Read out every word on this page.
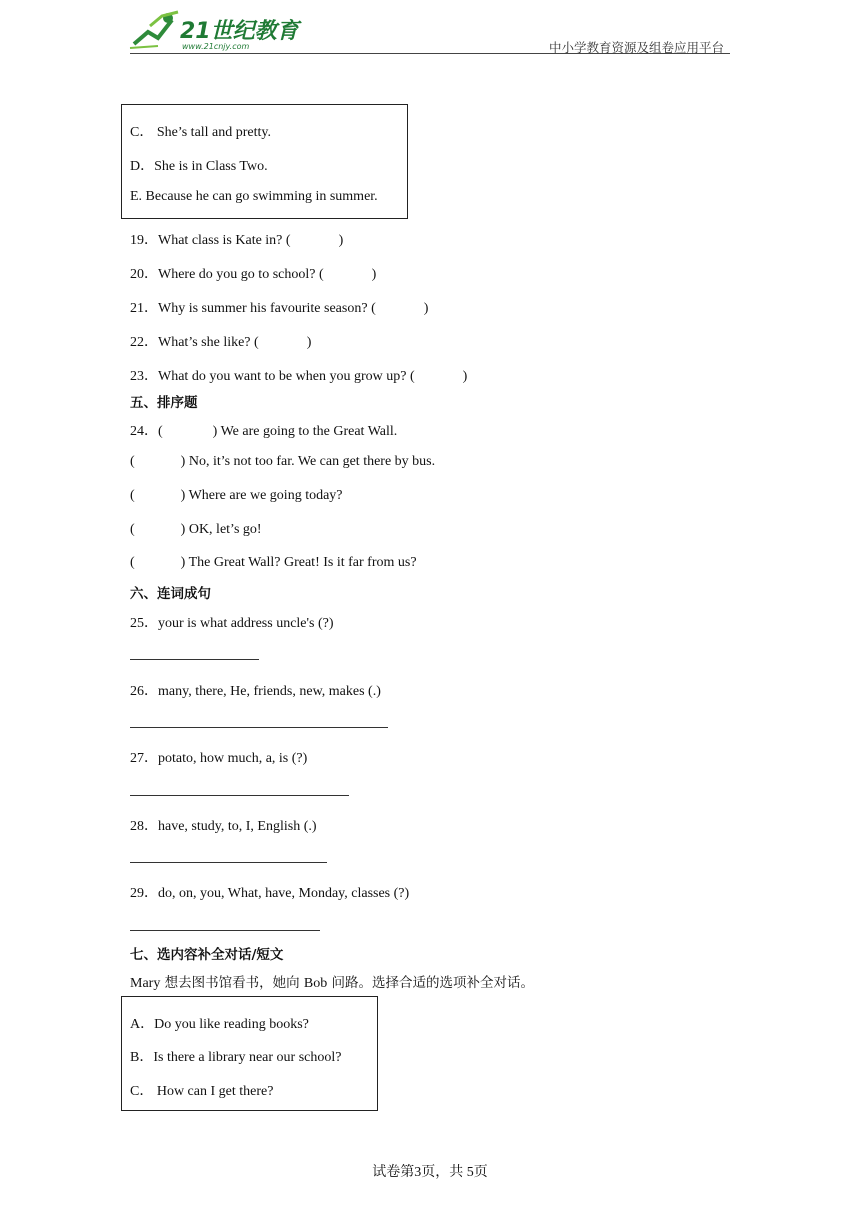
21世纪教育
www.21cnjy.com	中小学教育资源及组卷应用平台
C． She’s tall and pretty.
D．She is in Class Two.
E. Because he can go swimming in summer.
19．What class is Kate in? (	)
20．Where do you go to school? (	)
21．Why is summer his favourite season? (	)
22．What’s she like? (	)
23．What do you want to be when you grow up? (	)
五、排序题
24．(	) We are going to the Great Wall.
(	) No, it’s not too far. We can get there by bus.
(	) Where are we going today?
(	) OK, let’s go!
(	) The Great Wall? Great! Is it far from us?
六、连词成句
25．your is what address uncle's (?)
26．many, there, He, friends, new, makes (.)
27．potato, how much, a, is (?)
28．have, study, to, I, English (.)
29．do, on, you, What, have, Monday, classes (?)
七、选内容补全对话/短文
Mary 想去图书馆看书，她向 Bob 问路。选择合适的选项补全对话。
A．Do you like reading books?
B．Is there a library near our school?
C． How can I get there?
试卷第3页，共 5页
